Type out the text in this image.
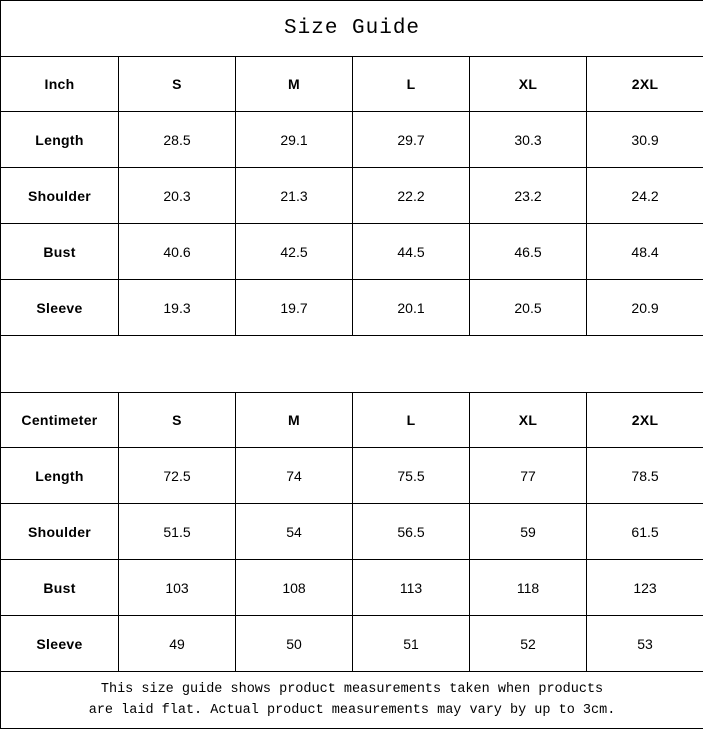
Size Guide					
Inch	S	M	L	XL	2XL
Length	28.5	29.1	29.7	30.3	30.9
Shoulder	20.3	21.3	22.2	23.2	24.2
Bust	40.6	42.5	44.5	46.5	48.4
Sleeve	19.3	19.7	20.1	20.5	20.9

Centimeter	S	M	L	XL	2XL
Length	72.5	74	75.5	77	78.5
Shoulder	51.5	54	56.5	59	61.5
Bust	103	108	113	118	123
Sleeve	49	50	51	52	53

This size guide shows product measurements taken when products
are laid flat. Actual product measurements may vary by up to 3cm.					
